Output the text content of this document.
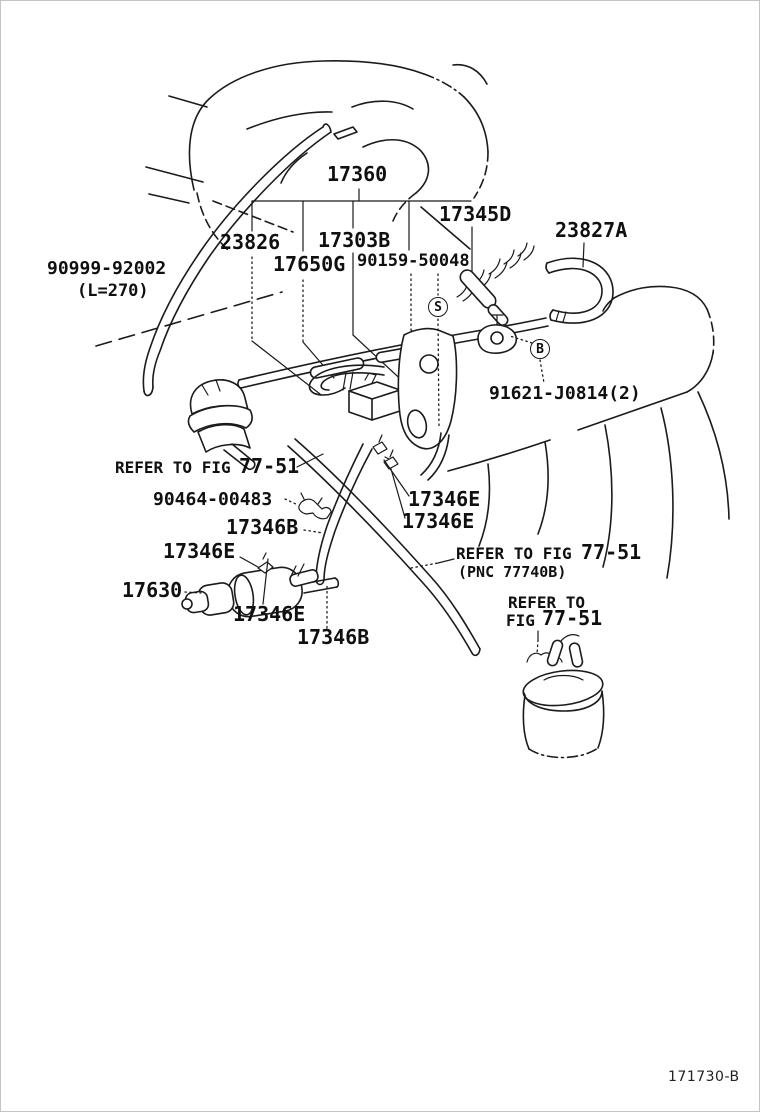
17360
17345D
23827A
23826 17303B
17650G 90159-50048
90999-92002
(L=270)
91621-J0814(2)
90464-00483
17346B
17346E
17346E
17346E
17630
17346E
17346B
REFER TO FIG 77-51
REFER TO FIG 77-51
(PNC 77740B)
REFER TO
FIG 77-51
S
B
171730-B
